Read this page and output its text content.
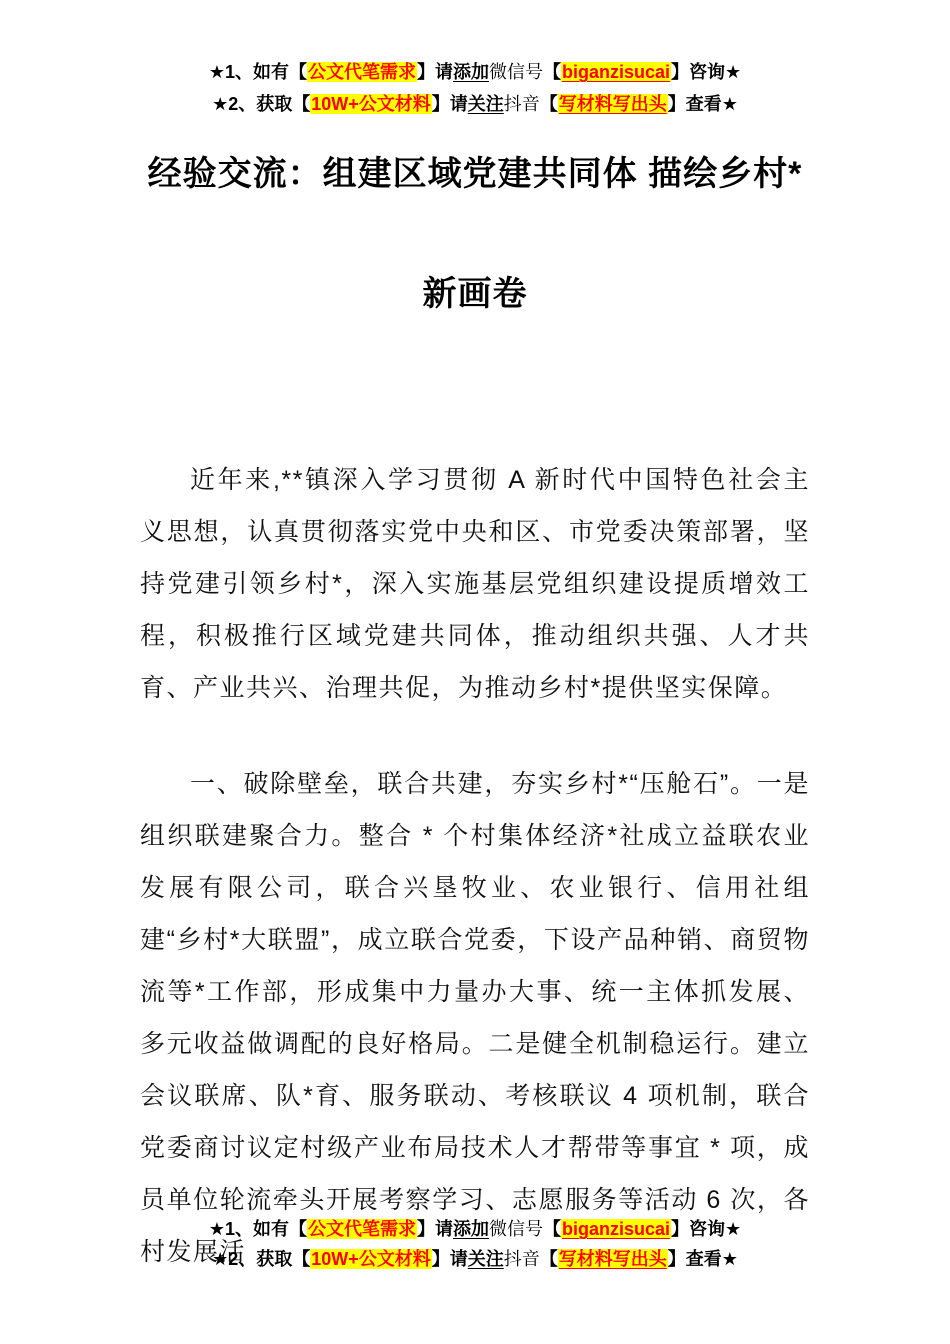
★1、如有【公文代笔需求】请添加微信号【biganzisucai】咨询★
★2、获取【10W+公文材料】请关注抖音【写材料写出头】查看★
经验交流：组建区域党建共同体 描绘乡村*
新画卷

近年来,**镇深入学习贯彻 A 新时代中国特色社会主义思想，认真贯彻落实党中央和区、市党委决策部署，坚持党建引领乡村*，深入实施基层党组织建设提质增效工程，积极推行区域党建共同体，推动组织共强、人才共育、产业共兴、治理共促，为推动乡村*提供坚实保障。

一、破除壁垒，联合共建，夯实乡村*“压舱石”。一是组织联建聚合力。整合 * 个村集体经济*社成立益联农业发展有限公司，联合兴垦牧业、农业银行、信用社组建“乡村*大联盟”，成立联合党委，下设产品种销、商贸物流等*工作部，形成集中力量办大事、统一主体抓发展、多元收益做调配的良好格局。二是健全机制稳运行。建立会议联席、队*育、服务联动、考核联议 4 项机制，联合党委商讨议定村级产业布局技术人才帮带等事宜 * 项，成员单位轮流牵头开展考察学习、志愿服务等活动 6 次，各村发展活

★1、如有【公文代笔需求】请添加微信号【biganzisucai】咨询★
★2、获取【10W+公文材料】请关注抖音【写材料写出头】查看★
